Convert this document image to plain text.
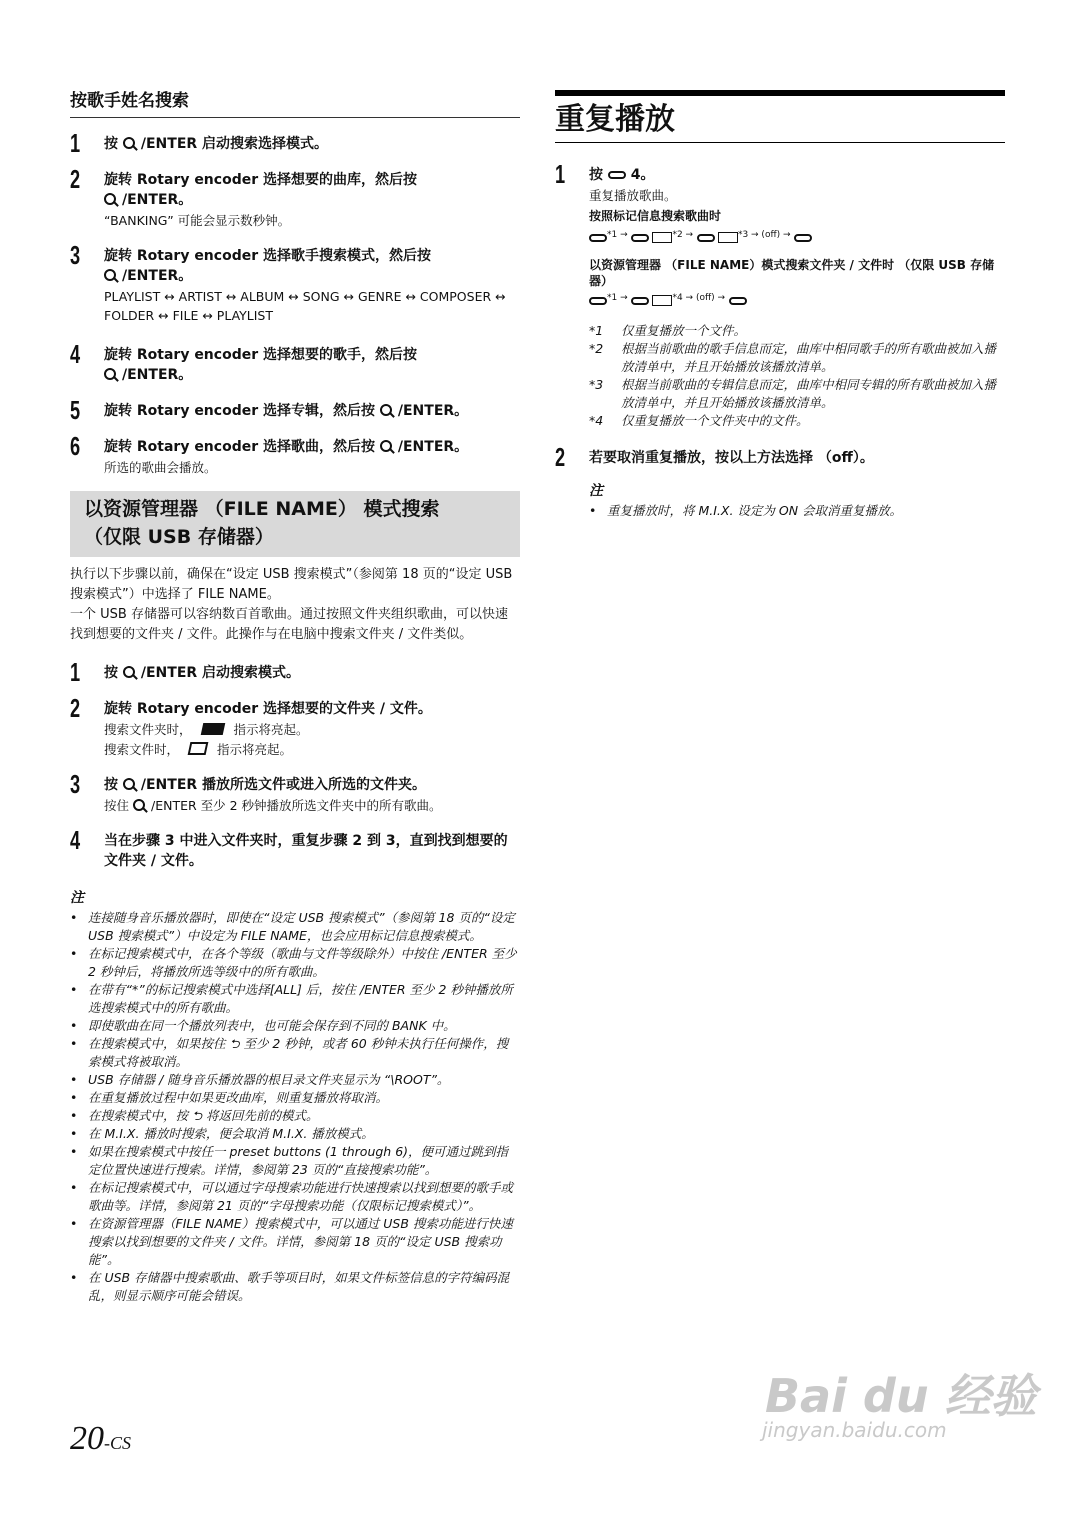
按歌手姓名搜索
1 按 /ENTER 启动搜索选择模式。
2 旋转 Rotary encoder 选择想要的曲库，然后按
/ENTER。
“BANKING” 可能会显示数秒钟。
3 旋转 Rotary encoder 选择歌手搜索模式，然后按
/ENTER。
PLAYLIST ↔ ARTIST ↔ ALBUM ↔ SONG ↔ GENRE ↔ COMPOSER ↔ FOLDER ↔ FILE ↔ PLAYLIST
4 旋转 Rotary encoder 选择想要的歌手，然后按
/ENTER。
5 旋转 Rotary encoder 选择专辑，然后按 /ENTER。
6 旋转 Rotary encoder 选择歌曲，然后按 /ENTER。
所选的歌曲会播放。
以资源管理器 （FILE NAME） 模式搜索
（仅限 USB 存储器）
执行以下步骤以前，确保在“设定 USB 搜索模式”（参阅第 18 页的“设定 USB 搜索模式”）中选择了 FILE NAME。
一个 USB 存储器可以容纳数百首歌曲。通过按照文件夹组织歌曲，可以快速找到想要的文件夹 / 文件。此操作与在电脑中搜索文件夹 / 文件类似。
1 按 /ENTER 启动搜索模式。
2 旋转 Rotary encoder 选择想要的文件夹 / 文件。
搜索文件夹时，	指示将亮起。
搜索文件时，	指示将亮起。
3 按 /ENTER 播放所选文件或进入所选的文件夹。
按住 /ENTER 至少 2 秒钟播放所选文件夹中的所有歌曲。
4 当在步骤 3 中进入文件夹时，重复步骤 2 到 3，直到找到想要的文件夹 / 文件。
注
• 连接随身音乐播放器时，即使在“设定 USB 搜索模式”（参阅第 18 页的“设定 USB 搜索模式”）中设定为 FILE NAME，也会应用标记信息搜索模式。
• 在标记搜索模式中，在各个等级（歌曲与文件等级除外）中按住 /ENTER 至少 2 秒钟后，将播放所选等级中的所有歌曲。
• 在带有“*”的标记搜索模式中选择[ALL] 后，按住 /ENTER 至少 2 秒钟播放所选搜索模式中的所有歌曲。
• 即使歌曲在同一个播放列表中，也可能会保存到不同的 BANK 中。
• 在搜索模式中，如果按住 ⮌ 至少 2 秒钟，或者 60 秒钟未执行任何操作，搜索模式将被取消。
• USB 存储器 / 随身音乐播放器的根目录文件夹显示为 “\ROOT”。
• 在重复播放过程中如果更改曲库，则重复播放将取消。
• 在搜索模式中，按 ⮌ 将返回先前的模式。
• 在 M.I.X. 播放时搜索，便会取消 M.I.X. 播放模式。
• 如果在搜索模式中按任一 preset buttons (1 through 6)，便可通过跳到指定位置快速进行搜索。详情，参阅第 23 页的“直接搜索功能”。
• 在标记搜索模式中，可以通过字母搜索功能进行快速搜索以找到想要的歌手或歌曲等。详情，参阅第 21 页的“字母搜索功能（仅限标记搜索模式）”。
• 在资源管理器（FILE NAME）搜索模式中，可以通过 USB 搜索功能进行快速搜索以找到想要的文件夹 / 文件。详情，参阅第 18 页的“设定 USB 搜索功能”。
• 在 USB 存储器中搜索歌曲、歌手等项目时，如果文件标签信息的字符编码混乱，则显示顺序可能会错误。
20-CS
重复播放
1 按 4。
重复播放歌曲。
按照标记信息搜索歌曲时
$^{*1 \to}$	$^{*2 \to}$	$^{*3 \to (off) \to}$
以资源管理器 （FILE NAME）模式搜索文件夹 / 文件时 （仅限 USB 存储器）
$^{*1 \to}$	$^{*4 \to (off) \to}$
*1 仅重复播放一个文件。
*2 根据当前歌曲的歌手信息而定，曲库中相同歌手的所有歌曲被加入播放清单中，并且开始播放该播放清单。
*3 根据当前歌曲的专辑信息而定，曲库中相同专辑的所有歌曲被加入播放清单中，并且开始播放该播放清单。
*4 仅重复播放一个文件夹中的文件。
2 若要取消重复播放，按以上方法选择 （off）。
注
• 重复播放时，将 M.I.X. 设定为 ON 会取消重复播放。
Bai du 经验
jingyan.baidu.com
